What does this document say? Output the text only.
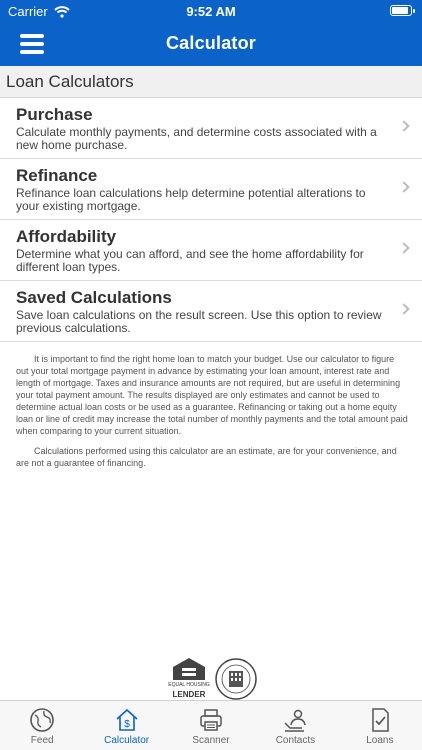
Carrier	9:52 AM
Calculator
Loan Calculators
Purchase
Calculate monthly payments, and determine costs associated with a new home purchase.
Refinance
Refinance loan calculations help determine potential alterations to your existing mortgage.
Affordability
Determine what you can afford, and see the home affordability for different loan types.
Saved Calculations
Save loan calculations on the result screen. Use this option to review previous calculations.

It is important to find the right home loan to match your budget. Use our calculator to figure out your total mortgage payment in advance by estimating your loan amount, interest rate and length of mortgage. Taxes and insurance amounts are not required, but are useful in determining your total payment amount. The results displayed are only estimates and cannot be used to determine actual loan costs or be used as a guarantee. Refinancing or taking out a home equity loan or line of credit may increase the total number of monthly payments and the total amount paid when comparing to your current situation.

Calculations performed using this calculator are an estimate, are for your convenience, and are not a guarantee of financing.

EQUAL HOUSING
LENDER
Feed
$
Calculator	Scanner	Contacts	Loans
